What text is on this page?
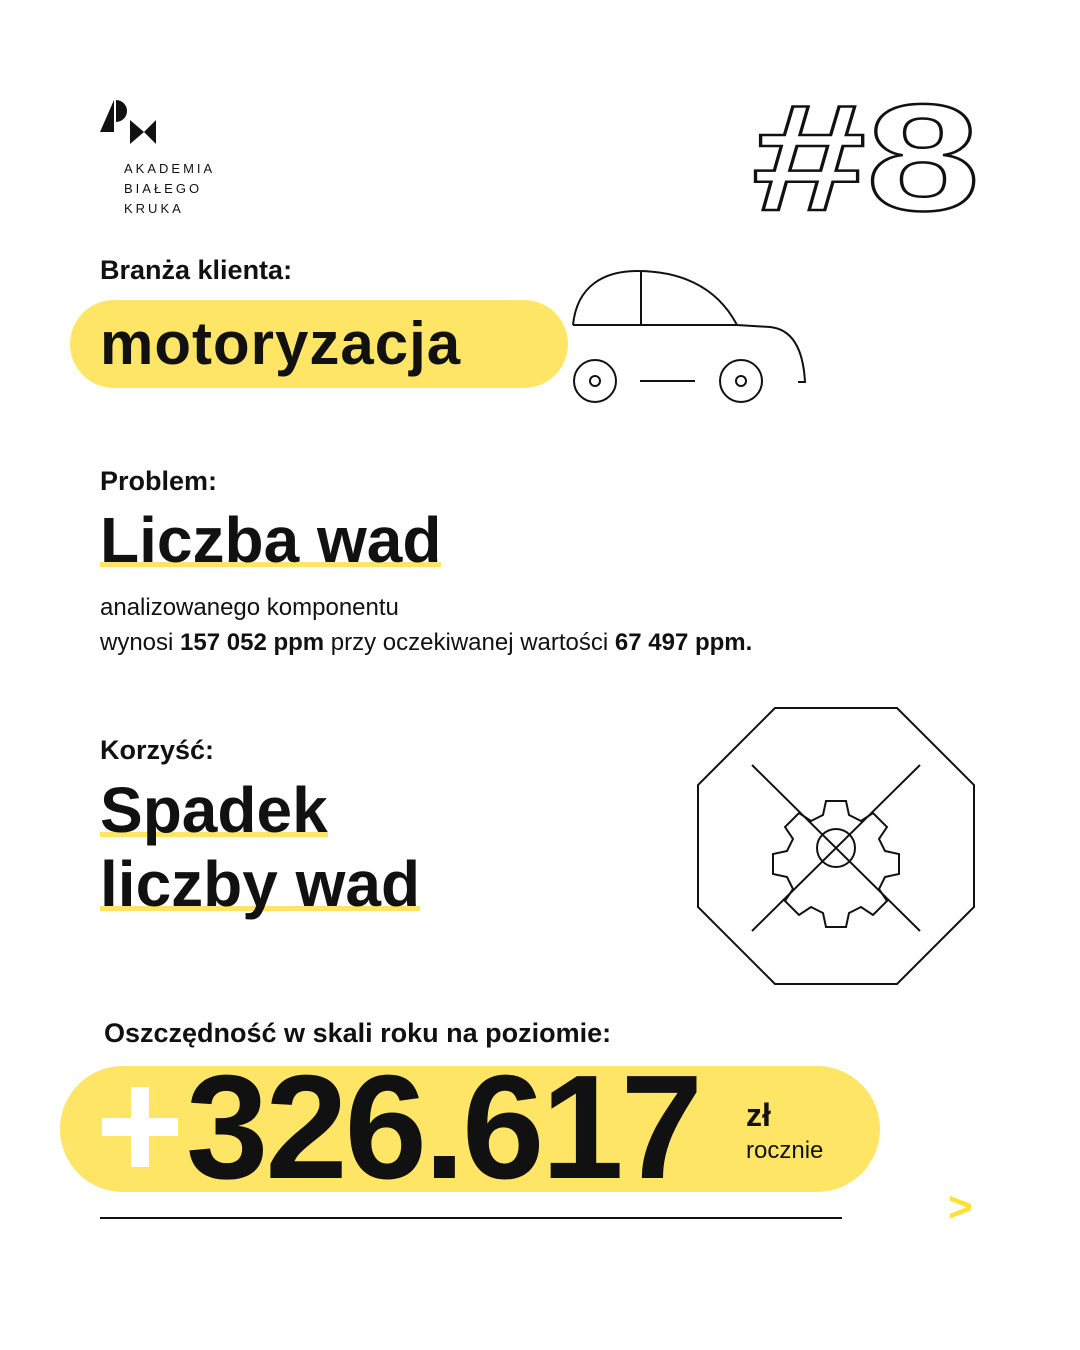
AKADEMIA
BIAŁEGO
KRUKA	#8
Branża klienta:
motoryzacja
Problem:
Liczba wad
analizowanego komponentu
wynosi 157 052 ppm przy oczekiwanej wartości 67 497 ppm.
Korzyść:
Spadek
liczby wad
Oszczędność w skali roku na poziomie:
326.617 zł
rocznie
>
